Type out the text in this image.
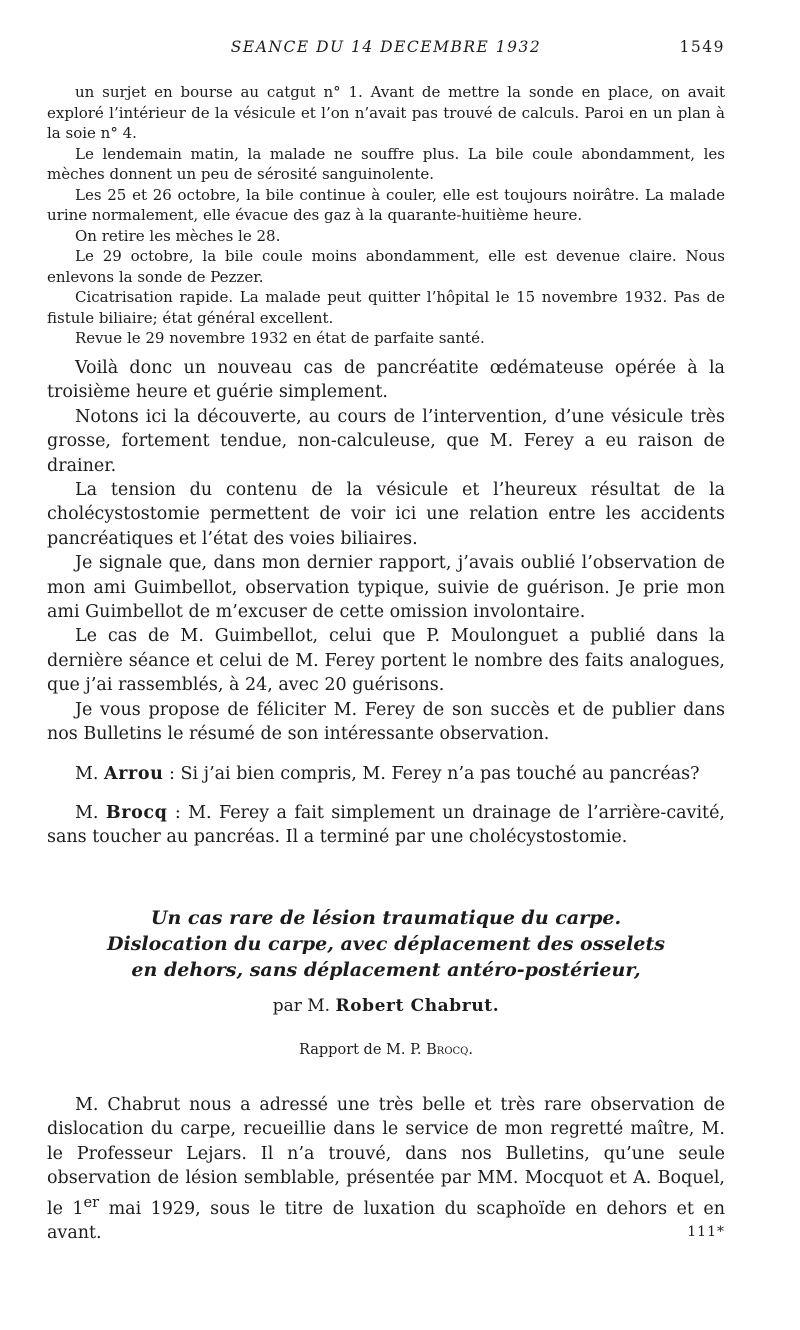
SEANCE DU 14 DECEMBRE 1932	1549

un surjet en bourse au catgut n° 1. Avant de mettre la sonde en place, on avait exploré l’intérieur de la vésicule et l’on n’avait pas trouvé de calculs. Paroi en un plan à la soie n° 4.

Le lendemain matin, la malade ne souffre plus. La bile coule abondamment, les mèches donnent un peu de sérosité sanguinolente.

Les 25 et 26 octobre, la bile continue à couler, elle est toujours noirâtre. La malade urine normalement, elle évacue des gaz à la quarante-huitième heure.

On retire les mèches le 28.

Le 29 octobre, la bile coule moins abondamment, elle est devenue claire. Nous enlevons la sonde de Pezzer.

Cicatrisation rapide. La malade peut quitter l’hôpital le 15 novembre 1932. Pas de fistule biliaire; état général excellent.

Revue le 29 novembre 1932 en état de parfaite santé.

Voilà donc un nouveau cas de pancréatite œdémateuse opérée à la troisième heure et guérie simplement.

Notons ici la découverte, au cours de l’intervention, d’une vésicule très grosse, fortement tendue, non-calculeuse, que M. Ferey a eu raison de drainer.

La tension du contenu de la vésicule et l’heureux résultat de la cholécystostomie permettent de voir ici une relation entre les accidents pancréatiques et l’état des voies biliaires.

Je signale que, dans mon dernier rapport, j’avais oublié l’observation de mon ami Guimbellot, observation typique, suivie de guérison. Je prie mon ami Guimbellot de m’excuser de cette omission involontaire.

Le cas de M. Guimbellot, celui que P. Moulonguet a publié dans la dernière séance et celui de M. Ferey portent le nombre des faits analogues, que j’ai rassemblés, à 24, avec 20 guérisons.

Je vous propose de féliciter M. Ferey de son succès et de publier dans nos Bulletins le résumé de son intéressante observation.

M. Arrou : Si j’ai bien compris, M. Ferey n’a pas touché au pancréas?

M. Brocq : M. Ferey a fait simplement un drainage de l’arrière-cavité, sans toucher au pancréas. Il a terminé par une cholécystostomie.

Un cas rare de lésion traumatique du carpe.
Dislocation du carpe, avec déplacement des osselets
en dehors, sans déplacement antéro-postérieur,
par M. Robert Chabrut.
Rapport de M. P. Brocq.

M. Chabrut nous a adressé une très belle et très rare observation de dislocation du carpe, recueillie dans le service de mon regretté maître, M. le Professeur Lejars. Il n’a trouvé, dans nos Bulletins, qu’une seule observation de lésion semblable, présentée par MM. Mocquot et A. Boquel, le 1er mai 1929, sous le titre de luxation du scaphoïde en dehors et en avant.	111*
